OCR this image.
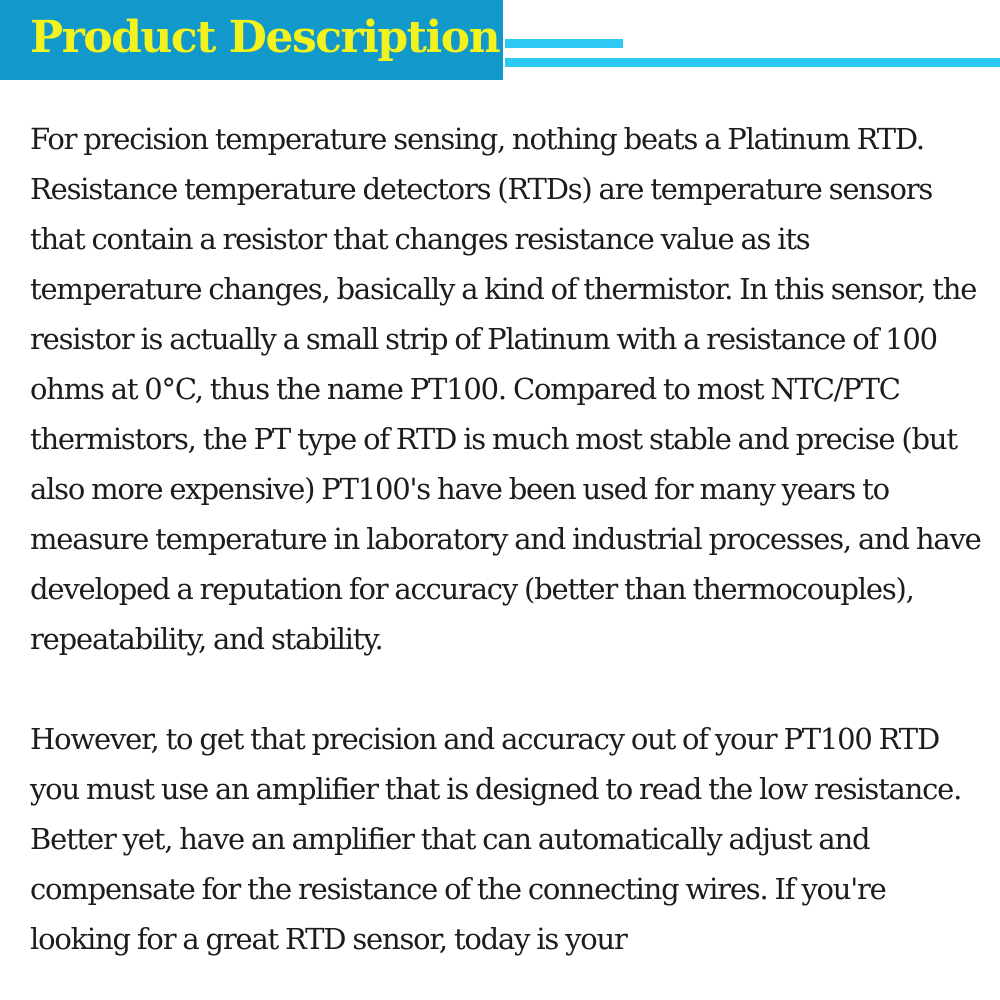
Product Description

For precision temperature sensing, nothing beats a Platinum RTD. Resistance temperature detectors (RTDs) are temperature sensors that contain a resistor that changes resistance value as its temperature changes, basically a kind of thermistor. In this sensor, the resistor is actually a small strip of Platinum with a resistance of 100 ohms at 0°C, thus the name PT100. Compared to most NTC/PTC thermistors, the PT type of RTD is much most stable and precise (but also more expensive) PT100's have been used for many years to measure temperature in laboratory and industrial processes, and have developed a reputation for accuracy (better than thermocouples), repeatability, and stability.

However, to get that precision and accuracy out of your PT100 RTD you must use an amplifier that is designed to read the low resistance. Better yet, have an amplifier that can automatically adjust and compensate for the resistance of the connecting wires. If you're looking for a great RTD sensor, today is your
